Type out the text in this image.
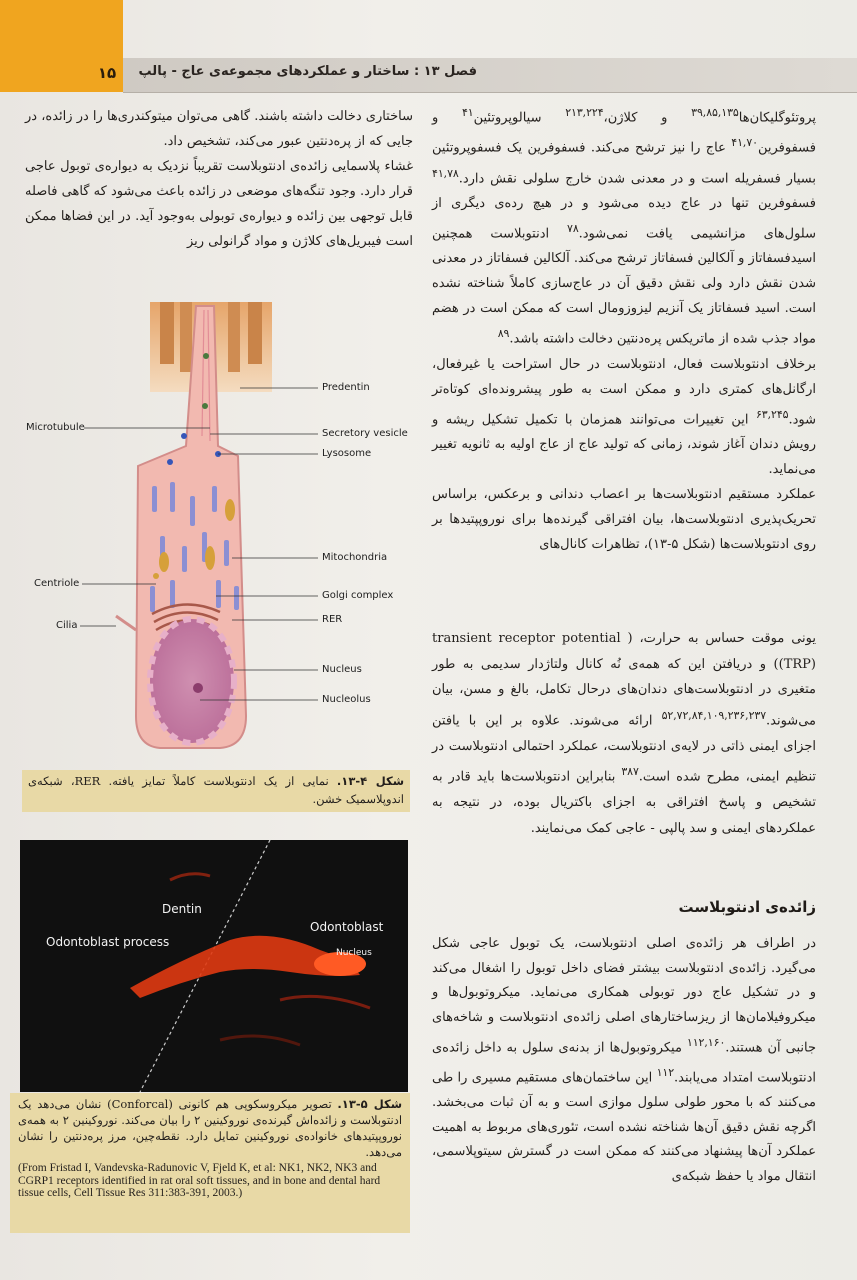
۱۵	فصل ۱۳ : ساختار و عملکردهای مجموعه‌ی عاج - پالپ

پروتئوگلیکان‌ها$^{۳۹,۸۵,۱۳۵}$ و کلاژن،$^{۲۱۳,۲۲۴}$ سیالوپروتئین$^{۴۱}$ و فسفوفرین$^{۴۱,۷۰}$ عاج را نیز ترشح می‌کند. فسفوفرین یک فسفوپروتئین بسیار فسفریله است و در معدنی شدن خارج سلولی نقش دارد.$^{۴۱,۷۸}$ فسفوفرین تنها در عاج دیده می‌شود و در هیچ رده‌ی دیگری از سلول‌های مزانشیمی یافت نمی‌شود.$^{۷۸}$ ادنتوبلاست همچنین اسیدفسفاتاز و آلکالین فسفاتاز ترشح می‌کند. آلکالین فسفاتاز در معدنی شدن نقش دارد ولی نقش دقیق آن در عاج‌سازی کاملاً شناخته نشده است. اسید فسفاتاز یک آنزیم لیزوزومال است که ممکن است در هضم مواد جذب شده از ماتریکس پره‌دنتین دخالت داشته باشد.$^{۸۹}$

برخلاف ادنتوبلاست فعال، ادنتوبلاست در حال استراحت یا غیرفعال، ارگانل‌های کمتری دارد و ممکن است به طور پیشرونده‌ای کوتاه‌تر شود.$^{۶۳,۲۴۵}$ این تغییرات می‌توانند همزمان با تکمیل تشکیل ریشه و رویش دندان آغاز شوند، زمانی که تولید عاج از عاج اولیه به ثانویه تغییر می‌نماید.

عملکرد مستقیم ادنتوبلاست‌ها بر اعصاب دندانی و برعکس، براساس تحریک‌پذیری ادنتوبلاست‌ها، بیان افتراقی گیرنده‌ها برای نوروپپتیدها بر روی ادنتوبلاست‌ها (شکل ۵-۱۳)، تظاهرات کانال‌های

یونی موقت حساس به حرارت، ( transient receptor potential (TRP)) و دریافتن این که همه‌ی نُه کانال ولتاژدار سدیمی به طور متغیری در ادنتوبلاست‌های دندان‌های درحال تکامل، بالغ و مسن، بیان می‌شوند.$^{۵۲,۷۲,۸۴,۱۰۹,۲۳۶,۲۳۷}$ ارائه می‌شوند. علاوه بر این با یافتن اجزای ایمنی ذاتی در لایه‌ی ادنتوبلاست، عملکرد احتمالی ادنتوبلاست در تنظیم ایمنی، مطرح شده است.$^{۳۸۷}$ بنابراین ادنتوبلاست‌ها باید قادر به تشخیص و پاسخ افتراقی به اجزای باکتریال بوده، در نتیجه به عملکردهای ایمنی و سد پالپی - عاجی کمک می‌نمایند.

زائده‌ی ادنتوبلاست

در اطراف هر زائده‌ی اصلی ادنتوبلاست، یک توبول عاجی شکل می‌گیرد. زائده‌ی ادنتوبلاست بیشتر فضای داخل توبول را اشغال می‌کند و در تشکیل عاج دور توبولی همکاری می‌نماید. میکروتوبول‌ها و میکروفیلامان‌ها از ریزساختارهای اصلی زائده‌ی ادنتوبلاست و شاخه‌های جانبی آن هستند.$^{۱۱۲,۱۶۰}$ میکروتوبول‌ها از بدنه‌ی سلول به داخل زائده‌ی ادنتوبلاست امتداد می‌یابند.$^{۱۱۲}$ این ساختمان‌های مستقیم مسیری را طی می‌کنند که با محور طولی سلول موازی است و به آن ثبات می‌بخشد. اگرچه نقش دقیق آن‌ها شناخته نشده است، تئوری‌های مربوط به اهمیت عملکرد آن‌ها پیشنهاد می‌کنند که ممکن است در گسترش سیتوپلاسمی، انتقال مواد یا حفظ شبکه‌ی

ساختاری دخالت داشته باشند. گاهی می‌توان میتوکندری‌ها را در زائده، در جایی که از پره‌دنتین عبور می‌کند، تشخیص داد.

غشاء پلاسمایی زائده‌ی ادنتوبلاست تقریباً نزدیک به دیواره‌ی توبول عاجی قرار دارد. وجود تنگه‌های موضعی در زائده باعث می‌شود که گاهی فاصله قابل توجهی بین زائده و دیواره‌ی توبولی به‌وجود آید. در این فضاها ممکن است فیبریل‌های کلاژن و مواد گرانولی ریز

Predentin
Microtubule
Secretory vesicle
Lysosome
Mitochondria
Centriole
Golgi complex
Cilia
RER
Nucleus
Nucleolus
شکل ۴-۱۳. نمایی از یک ادنتوبلاست کاملاً تمایز یافته. RER، شبکه‌ی اندوپلاسمیک خشن.
Dentin
Odontoblast
Odontoblast process
Nucleus
شکل ۵-۱۳. تصویر میکروسکوپی هم کانونی (Conforcal) نشان می‌دهد یک ادنتوبلاست و زائده‌اش گیرنده‌ی نوروکینین ۲ را بیان می‌کند. نوروکینین ۲ به همه‌ی نوروپپتیدهای خانواده‌ی نوروکینین تمایل دارد. نقطه‌چین، مرز پره‌دنتین را نشان می‌دهد.
(From Fristad I, Vandevska-Radunovic V, Fjeld K, et al: NK1, NK2, NK3 and CGRP1 receptors identified in rat oral soft tissues, and in bone and dental hard tissue cells, Cell Tissue Res 311:383-391, 2003.)
